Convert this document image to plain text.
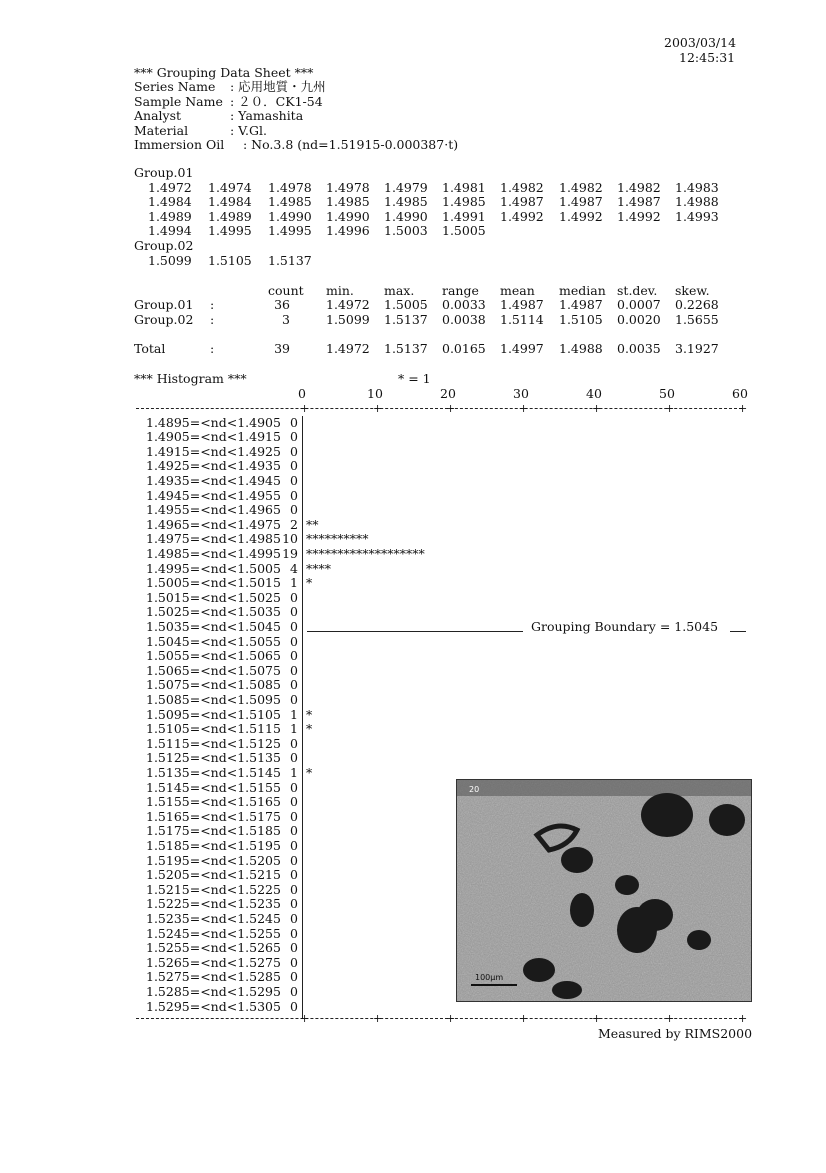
2003/03/14
12:45:31
*** Grouping Data Sheet ***
Series Name : 応用地質・九州
Sample Name : ２０．CK1-54
Analyst	: Yamashita
Material	: V.Gl.
Immersion Oil : No.3.8 (nd=1.51915-0.000387·t)
Group.01
1.4972 1.4974 1.4978 1.4978 1.4979 1.4981 1.4982 1.4982 1.4982 1.4983
1.4984 1.4984 1.4985 1.4985 1.4985 1.4985 1.4987 1.4987 1.4987 1.4988
1.4989 1.4989 1.4990 1.4990 1.4990 1.4991 1.4992 1.4992 1.4992 1.4993
1.4994 1.4995 1.4995 1.4996 1.5003 1.5005
Group.02
1.5099 1.5105 1.5137
count min. max. range mean median st.dev. skew.
Group.01 :	36	1.4972 1.5005 0.0033 1.4987 1.4987 0.0007 0.2268
Group.02 :	3	1.5099 1.5137 0.0038 1.5114 1.5105 0.0020 1.5655
Total	:	39	1.4972 1.5137 0.0165 1.4997 1.4988 0.0035 3.1927
*** Histogram ***	* = 1
0	10	20	30	40	50	60
+	+	+	+	+	+	+
+	+	+	+	+	+	+
1.4895=<nd<1.4905 0
1.4905=<nd<1.4915 0
1.4915=<nd<1.4925 0
1.4925=<nd<1.4935 0
1.4935=<nd<1.4945 0
1.4945=<nd<1.4955 0
1.4955=<nd<1.4965 0
1.4965=<nd<1.4975 2 **
1.4975=<nd<1.4985 10 **********
1.4985=<nd<1.4995 19 *******************
1.4995=<nd<1.5005 4 ****
1.5005=<nd<1.5015 1 *
1.5015=<nd<1.5025 0
1.5025=<nd<1.5035 0
1.5035=<nd<1.5045 0
1.5045=<nd<1.5055 0
1.5055=<nd<1.5065 0
1.5065=<nd<1.5075 0
1.5075=<nd<1.5085 0
1.5085=<nd<1.5095 0
1.5095=<nd<1.5105 1 *
1.5105=<nd<1.5115 1 *
1.5115=<nd<1.5125 0
1.5125=<nd<1.5135 0
1.5135=<nd<1.5145 1 *
1.5145=<nd<1.5155 0
1.5155=<nd<1.5165 0
1.5165=<nd<1.5175 0
1.5175=<nd<1.5185 0
1.5185=<nd<1.5195 0
1.5195=<nd<1.5205 0
1.5205=<nd<1.5215 0
1.5215=<nd<1.5225 0
1.5225=<nd<1.5235 0
1.5235=<nd<1.5245 0
1.5245=<nd<1.5255 0
1.5255=<nd<1.5265 0
1.5265=<nd<1.5275 0
1.5275=<nd<1.5285 0
1.5285=<nd<1.5295 0
1.5295=<nd<1.5305 0
Grouping Boundary = 1.5045
20
100μm
Measured by RIMS2000
